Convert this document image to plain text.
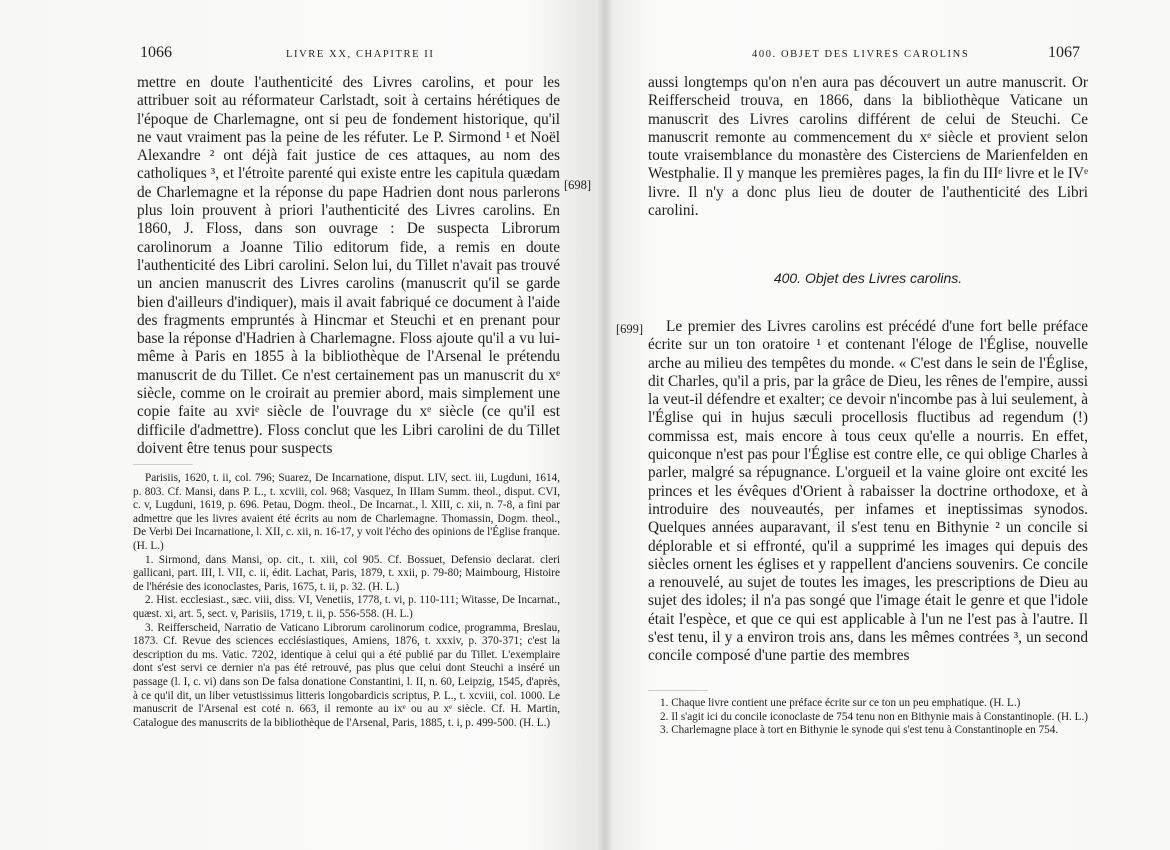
1066	LIVRE XX, CHAPITRE II

mettre en doute l'authenticité des Livres carolins, et pour les attribuer soit au réformateur Carlstadt, soit à certains hérétiques de l'époque de Charlemagne, ont si peu de fondement historique, qu'il ne vaut vraiment pas la peine de les réfuter. Le P. Sirmond ¹ et Noël Alexandre ² ont déjà fait justice de ces attaques, au nom des catholiques ³, et l'étroite parenté qui existe entre les capitula quædam de Charlemagne et la réponse du pape Hadrien dont nous parlerons plus loin prouvent à priori l'authenticité des Livres carolins. En 1860, J. Floss, dans son ouvrage : De suspecta Librorum carolinorum a Joanne Tilio editorum fide, a remis en doute l'authenticité des Libri carolini. Selon lui, du Tillet n'avait pas trouvé un ancien manuscrit des Livres carolins (manuscrit qu'il se garde bien d'ailleurs d'indiquer), mais il avait fabriqué ce document à l'aide des fragments empruntés à Hincmar et Steuchi et en prenant pour base la réponse d'Hadrien à Charlemagne. Floss ajoute qu'il a vu lui-même à Paris en 1855 à la bibliothèque de l'Arsenal le prétendu manuscrit de du Tillet. Ce n'est certainement pas un manuscrit du xᵉ siècle, comme on le croirait au premier abord, mais simplement une copie faite au xviᵉ siècle de l'ouvrage du xᵉ siècle (ce qu'il est difficile d'admettre). Floss conclut que les Libri carolini de du Tillet doivent être tenus pour suspects

[698]

Parisiis, 1620, t. ii, col. 796; Suarez, De Incarnatione, disput. LIV, sect. iii, Lugduni, 1614, p. 803. Cf. Mansi, dans P. L., t. xcviii, col. 968; Vasquez, In IIIam Summ. theol., disput. CVI, c. v, Lugduni, 1619, p. 696. Petau, Dogm. theol., De Incarnat., l. XIII, c. xii, n. 7-8, a fini par admettre que les livres avaient été écrits au nom de Charlemagne. Thomassin, Dogm. theol., De Verbi Dei Incarnatione, l. XII, c. xii, n. 16-17, y voit l'écho des opinions de l'Église franque. (H. L.)

1. Sirmond, dans Mansi, op. cit., t. xiii, col 905. Cf. Bossuet, Defensio declarat. cleri gallicani, part. III, l. VII, c. ii, édit. Lachat, Paris, 1879, t. xxii, p. 79-80; Maimbourg, Histoire de l'hérésie des iconoclastes, Paris, 1675, t. ii, p. 32. (H. L.)

2. Hist. ecclesiast., sæc. viii, diss. VI, Venetiis, 1778, t. vi, p. 110-111; Witasse, De Incarnat., quæst. xi, art. 5, sect. v, Parisiis, 1719, t. ii, p. 556-558. (H. L.)

3. Reifferscheid, Narratio de Vaticano Librorum carolinorum codice, programma, Breslau, 1873. Cf. Revue des sciences ecclésiastiques, Amiens, 1876, t. xxxiv, p. 370-371; c'est la description du ms. Vatic. 7202, identique à celui qui a été publié par du Tillet. L'exemplaire dont s'est servi ce dernier n'a pas été retrouvé, pas plus que celui dont Steuchi a inséré un passage (l. I, c. vi) dans son De falsa donatione Constantini, l. II, n. 60, Leipzig, 1545, d'après, à ce qu'il dit, un liber vetustissimus litteris longobardicis scriptus, P. L., t. xcviii, col. 1000. Le manuscrit de l'Arsenal est coté n. 663, il remonte au ixᵉ ou au xᵉ siècle. Cf. H. Martin, Catalogue des manuscrits de la bibliothèque de l'Arsenal, Paris, 1885, t. i, p. 499-500. (H. L.)

400. OBJET DES LIVRES CAROLINS	1067

aussi longtemps qu'on n'en aura pas découvert un autre manuscrit. Or Reifferscheid trouva, en 1866, dans la bibliothèque Vaticane un manuscrit des Livres carolins différent de celui de Steuchi. Ce manuscrit remonte au commencement du xᵉ siècle et provient selon toute vraisemblance du monastère des Cisterciens de Marienfelden en Westphalie. Il y manque les premières pages, la fin du IIIᵉ livre et le IVᵉ livre. Il n'y a donc plus lieu de douter de l'authenticité des Libri carolini.

400. Objet des Livres carolins.
[699]	Le premier des Livres carolins est précédé d'une fort belle préface écrite sur un ton oratoire ¹ et contenant l'éloge de l'Église, nouvelle arche au milieu des tempêtes du monde. « C'est dans le sein de l'Église, dit Charles, qu'il a pris, par la grâce de Dieu, les rênes de l'empire, aussi la veut-il défendre et exalter; ce devoir n'incombe pas à lui seulement, à l'Église qui in hujus sæculi procellosis fluctibus ad regendum (!) commissa est, mais encore à tous ceux qu'elle a nourris. En effet, quiconque n'est pas pour l'Église est contre elle, ce qui oblige Charles à parler, malgré sa répugnance. L'orgueil et la vaine gloire ont excité les princes et les évêques d'Orient à rabaisser la doctrine orthodoxe, et à introduire des nouveautés, per infames et ineptissimas synodos. Quelques années auparavant, il s'est tenu en Bithynie ² un concile si déplorable et si effronté, qu'il a supprimé les images qui depuis des siècles ornent les églises et y rappellent d'anciens souvenirs. Ce concile a renouvelé, au sujet de toutes les images, les prescriptions de Dieu au sujet des idoles; il n'a pas songé que l'image était le genre et que l'idole était l'espèce, et que ce qui est applicable à l'un ne l'est pas à l'autre. Il s'est tenu, il y a environ trois ans, dans les mêmes contrées ³, un second concile composé d'une partie des membres

1. Chaque livre contient une préface écrite sur ce ton un peu emphatique. (H. L.)

2. Il s'agit ici du concile iconoclaste de 754 tenu non en Bithynie mais à Constantinople. (H. L.)

3. Charlemagne place à tort en Bithynie le synode qui s'est tenu à Constantinople en 754.
